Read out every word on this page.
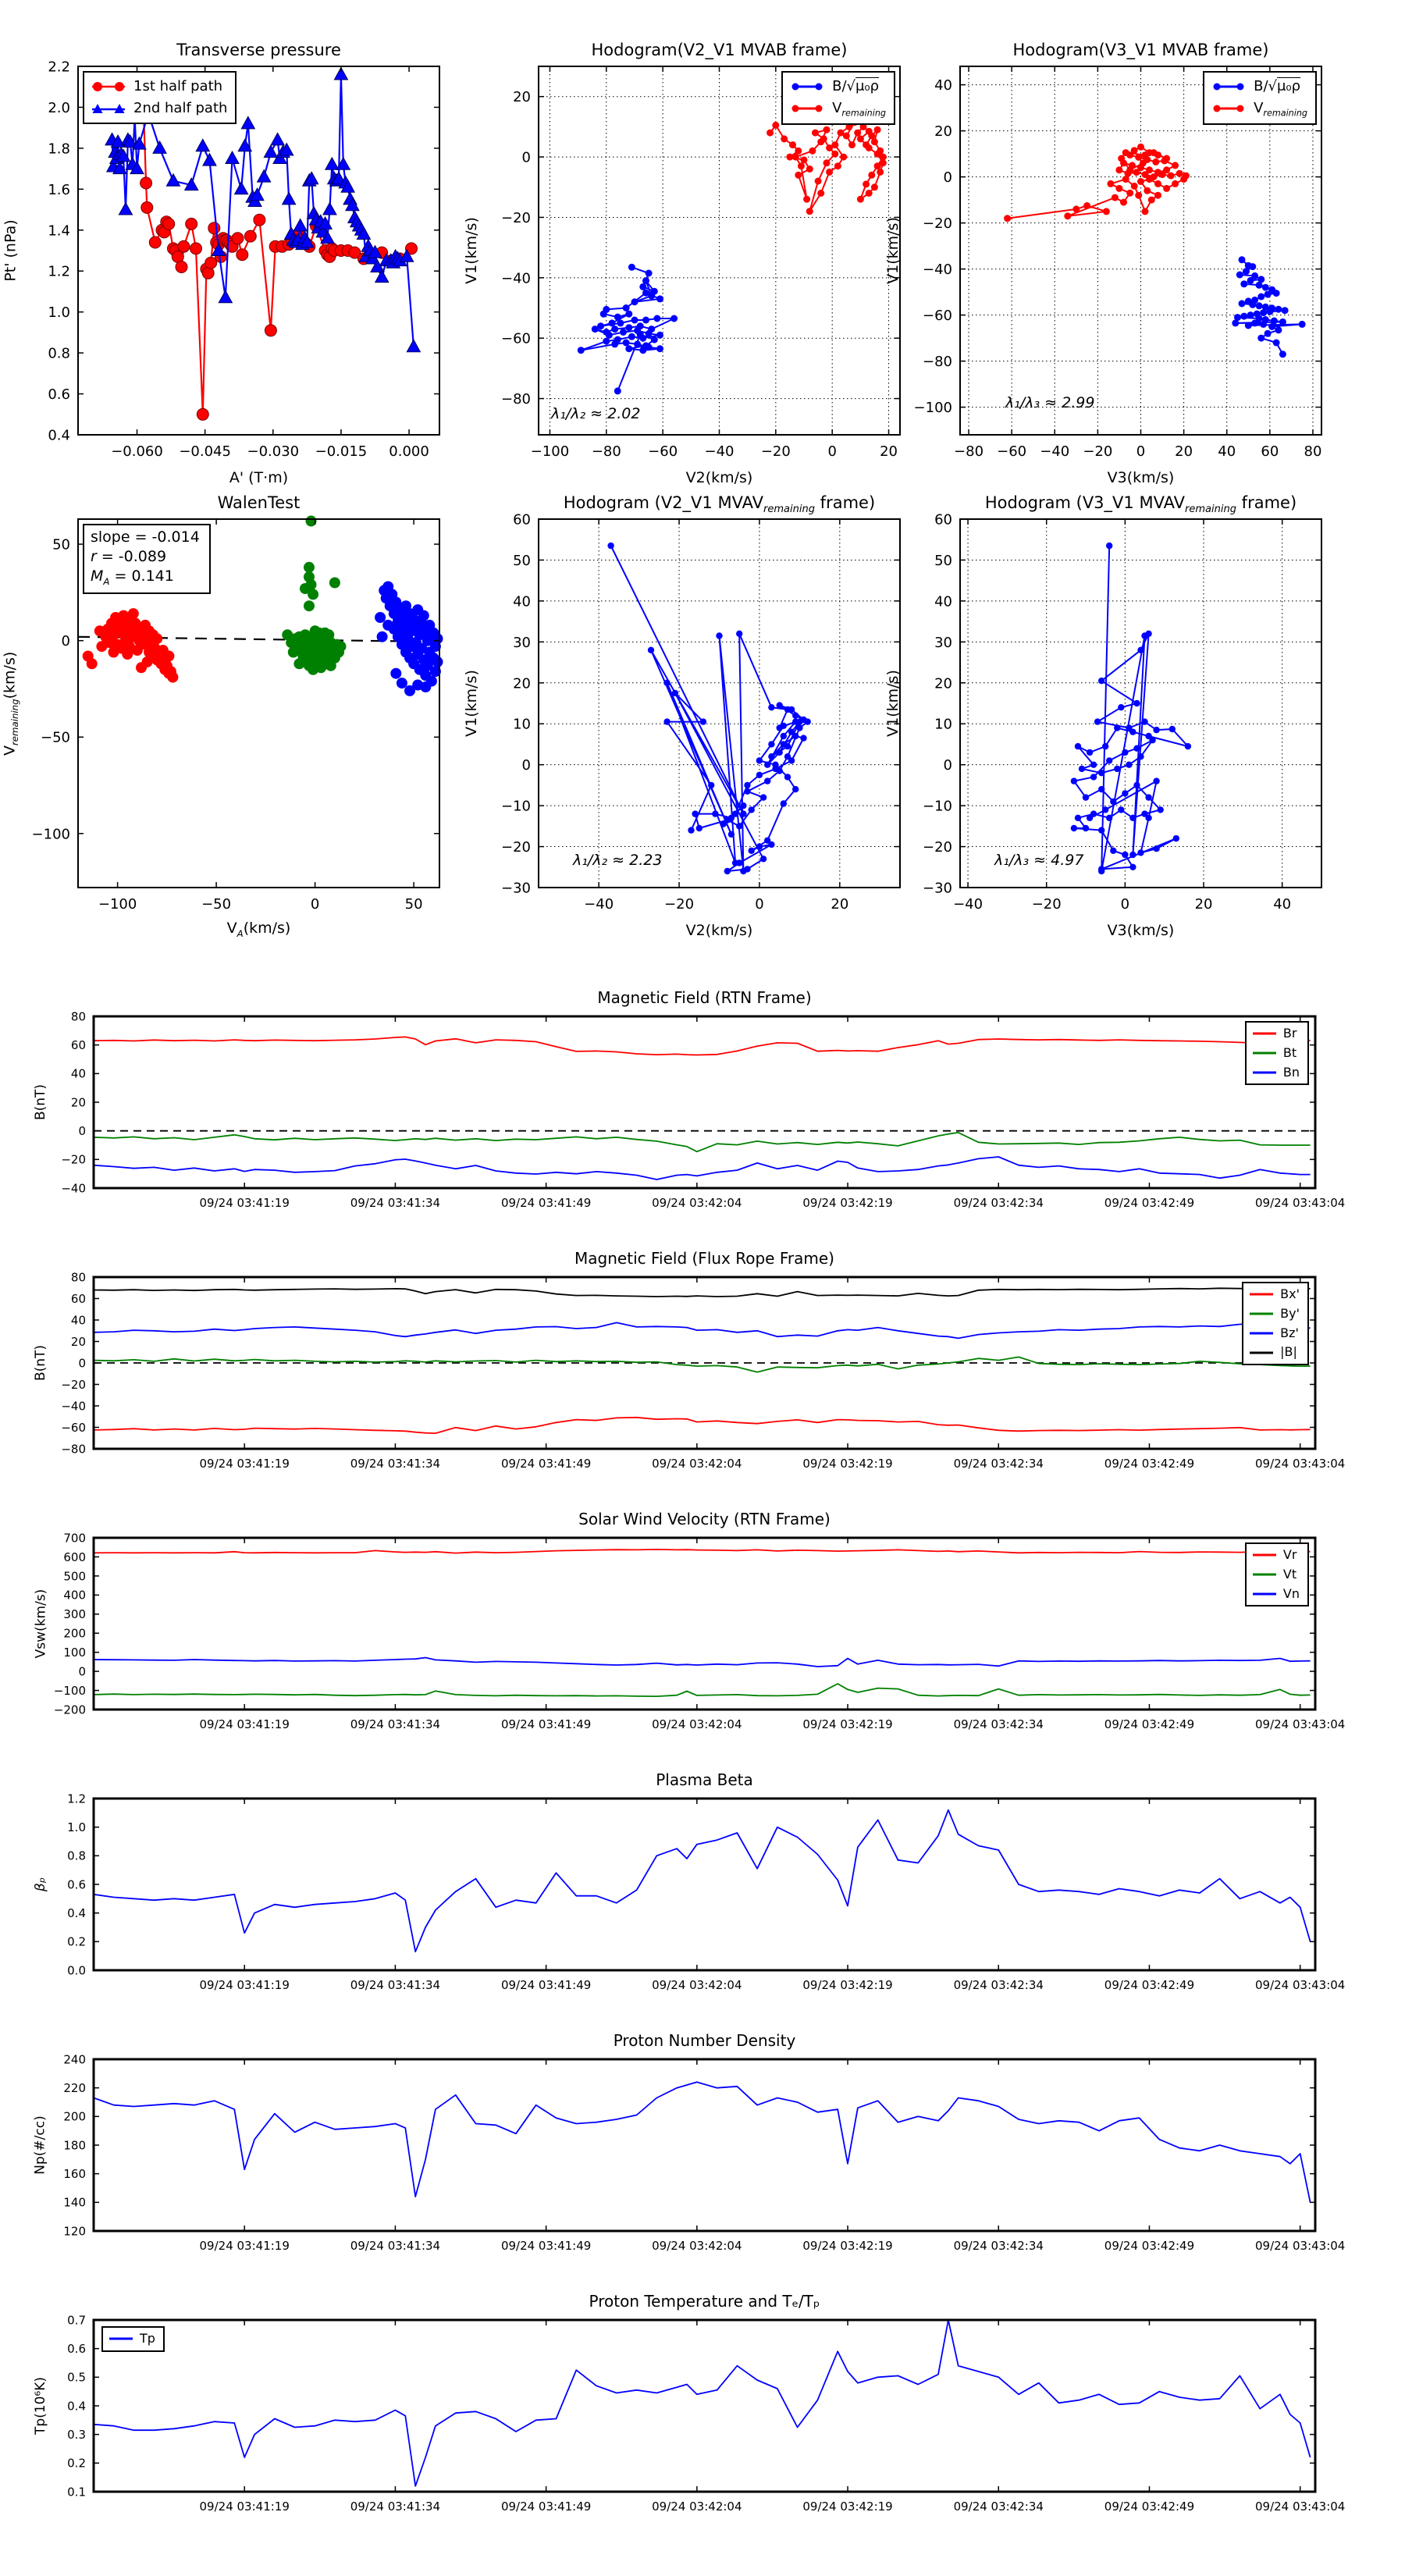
Transverse pressure
Pt' (nPa)
A' (T·m)
−0.060 −0.045 −0.030 −0.015 0.000
0.4
0.6
0.8
1.0
1.2
1.4
1.6
1.8
2.0
2.2
1st half path
2nd half path
Hodogram(V2_V1 MVAB frame)
V1(km/s)
V2(km/s)
−100 −80 −60 −40 −20	0	20
20
0
−20
−40
−60
−80
λ₁/λ₂ ≈ 2.02
B/√μ₀ρ
$V_{remaining}$
Hodogram(V3_V1 MVAB frame)
V1(km/s)
V3(km/s)
−80 −60 −40 −20 0 20 40 60 80
40
20
0
−20
−40
−60
−80
−100	λ₁/λ₃ ≈ 2.99
B/√μ₀ρ
$V_{remaining}$
WalenTest
$V_{remaining}(km/s)$
$V_A(km/s)$
−100	−50	0	50
50
0
−50
−100
slope = -0.014
r = -0.089
$M_A = 0.141$
Hodogram (V2_V1 $MVAV_{remaining}$ frame)
V1(km/s)
V2(km/s)
−40	−20	0	20
60
50
40
30
20
10
0
−10
−20
−30
λ₁/λ₂ ≈ 2.23
Hodogram (V3_V1 $MVAV_{remaining}$ frame)
V1(km/s)
V3(km/s)
−40	−20	0	20	40
60
50
40
30
20
10
0
−10
−20
−30
λ₁/λ₃ ≈ 4.97
Magnetic Field (RTN Frame)
B(nT)
09/24 03:41:19	09/24 03:41:34	09/24 03:41:49	09/24 03:42:04	09/24 03:42:19	09/24 03:42:34	09/24 03:42:49	09/24 03:43:04
−40
−20
0
20
40
60
80
Br
Bt
Bn
Magnetic Field (Flux Rope Frame)
B(nT)
09/24 03:41:19	09/24 03:41:34	09/24 03:41:49	09/24 03:42:04	09/24 03:42:19	09/24 03:42:34	09/24 03:42:49	09/24 03:43:04
−80
−60
−40
−20
0
20
40
60
80
Bx'
By'
Bz'
|B|
Solar Wind Velocity (RTN Frame)
Vsw(km/s)
09/24 03:41:19	09/24 03:41:34	09/24 03:41:49	09/24 03:42:04	09/24 03:42:19	09/24 03:42:34	09/24 03:42:49	09/24 03:43:04
−200
−100
0
100
200
300
400
500
600
700
Vr
Vt
Vn
Plasma Beta
βₚ
09/24 03:41:19	09/24 03:41:34	09/24 03:41:49	09/24 03:42:04	09/24 03:42:19	09/24 03:42:34	09/24 03:42:49	09/24 03:43:04
0.0
0.2
0.4
0.6
0.8
1.0
1.2
Proton Number Density
Np(#/cc)
09/24 03:41:19	09/24 03:41:34	09/24 03:41:49	09/24 03:42:04	09/24 03:42:19	09/24 03:42:34	09/24 03:42:49	09/24 03:43:04
120
140
160
180
200
220
240
Proton Temperature and Tₑ/Tₚ
Tp(10⁶K)
09/24 03:41:19	09/24 03:41:34	09/24 03:41:49	09/24 03:42:04	09/24 03:42:19	09/24 03:42:34	09/24 03:42:49	09/24 03:43:04
0.1
0.2
0.3
0.4
0.5
0.6
0.7
Tp
